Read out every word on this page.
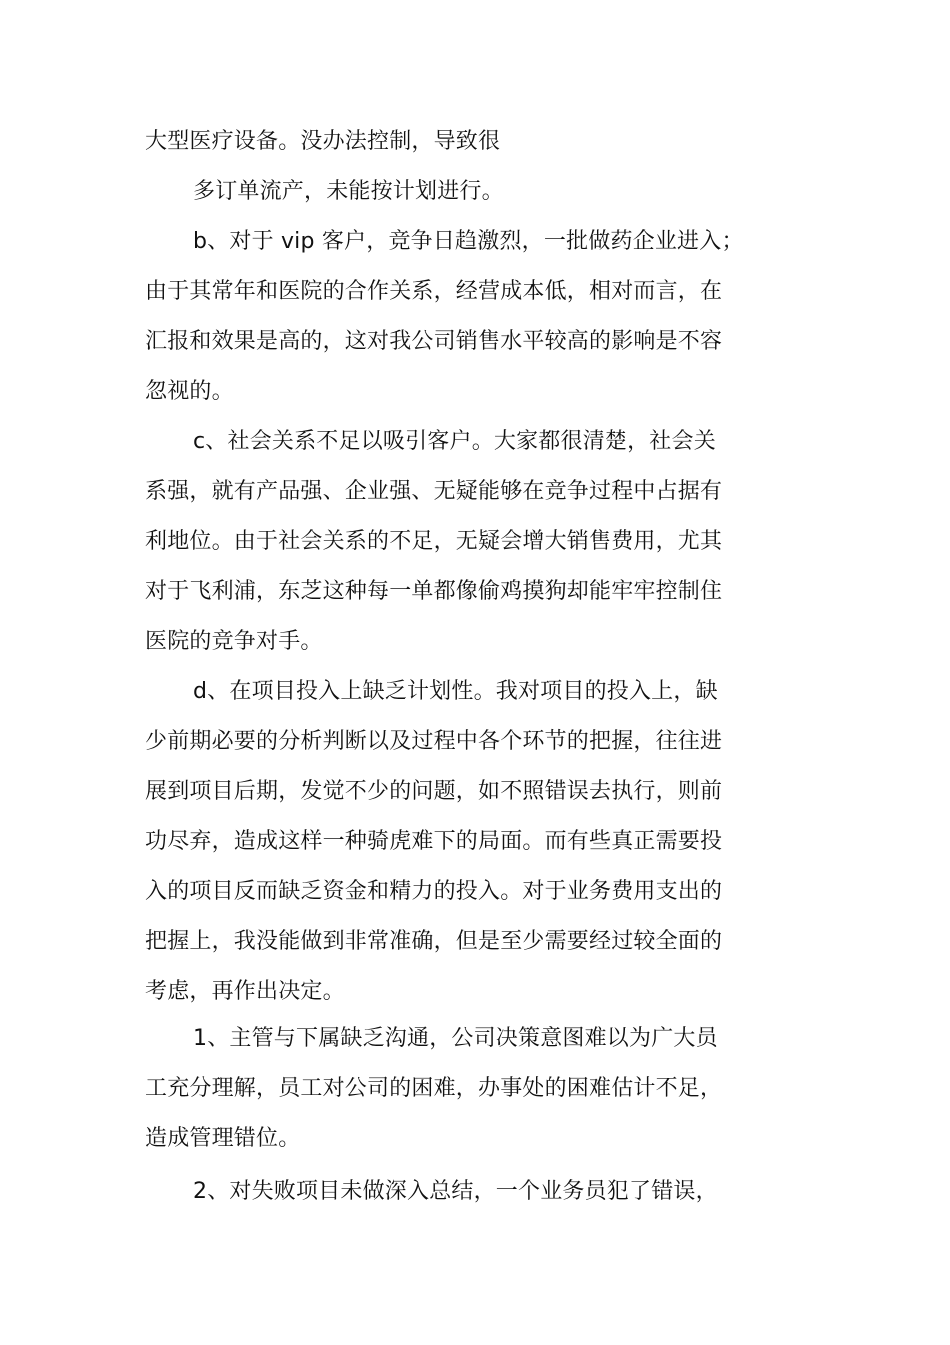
大型医疗设备。没办法控制，导致很
多订单流产，未能按计划进行。
b、对于 vip 客户，竞争日趋激烈，一批做药企业进入；
由于其常年和医院的合作关系，经营成本低，相对而言，在
汇报和效果是高的，这对我公司销售水平较高的影响是不容
忽视的。
c、社会关系不足以吸引客户。大家都很清楚，社会关
系强，就有产品强、企业强、无疑能够在竞争过程中占据有
利地位。由于社会关系的不足，无疑会增大销售费用，尤其
对于飞利浦，东芝这种每一单都像偷鸡摸狗却能牢牢控制住
医院的竞争对手。
d、在项目投入上缺乏计划性。我对项目的投入上，缺
少前期必要的分析判断以及过程中各个环节的把握，往往进
展到项目后期，发觉不少的问题，如不照错误去执行，则前
功尽弃，造成这样一种骑虎难下的局面。而有些真正需要投
入的项目反而缺乏资金和精力的投入。对于业务费用支出的
把握上，我没能做到非常准确，但是至少需要经过较全面的
考虑，再作出决定。
1、主管与下属缺乏沟通，公司决策意图难以为广大员
工充分理解，员工对公司的困难，办事处的困难估计不足，
造成管理错位。
2、对失败项目未做深入总结，一个业务员犯了错误，
